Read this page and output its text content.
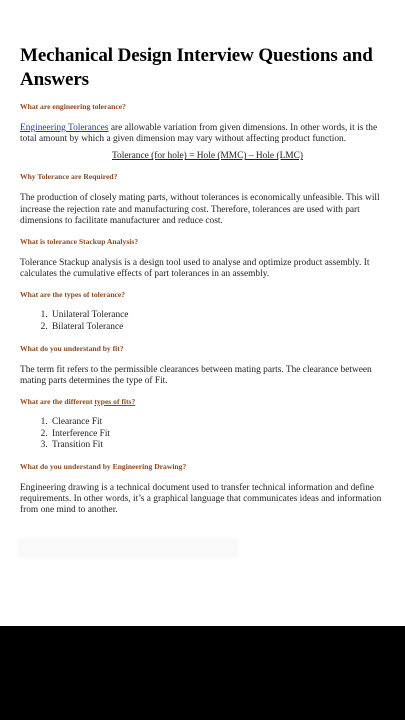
Mechanical Design Interview Questions and Answers

What are engineering tolerance?

Engineering Tolerances are allowable variation from given dimensions. In other words, it is the total amount by which a given dimension may vary without affecting product function.

Tolerance (for hole) = Hole (MMC) – Hole (LMC)

Why Tolerance are Required?

The production of closely mating parts, without tolerances is economically unfeasible. This will increase the rejection rate and manufacturing cost. Therefore, tolerances are used with part dimensions to facilitate manufacturer and reduce cost.

What is tolerance Stackup Analysis?

Tolerance Stackup analysis is a design tool used to analyse and optimize product assembly. It calculates the cumulative effects of part tolerances in an assembly.

What are the types of tolerance?

1. Unilateral Tolerance
2. Bilateral Tolerance

What do you understand by fit?

The term fit refers to the permissible clearances between mating parts. The clearance between mating parts determines the type of Fit.

What are the different types of fits?

1. Clearance Fit
2. Interference Fit
3. Transition Fit

What do you understand by Engineering Drawing?

Engineering drawing is a technical document used to transfer technical information and define requirements. In other words, it’s a graphical language that communicates ideas and information from one mind to another.
